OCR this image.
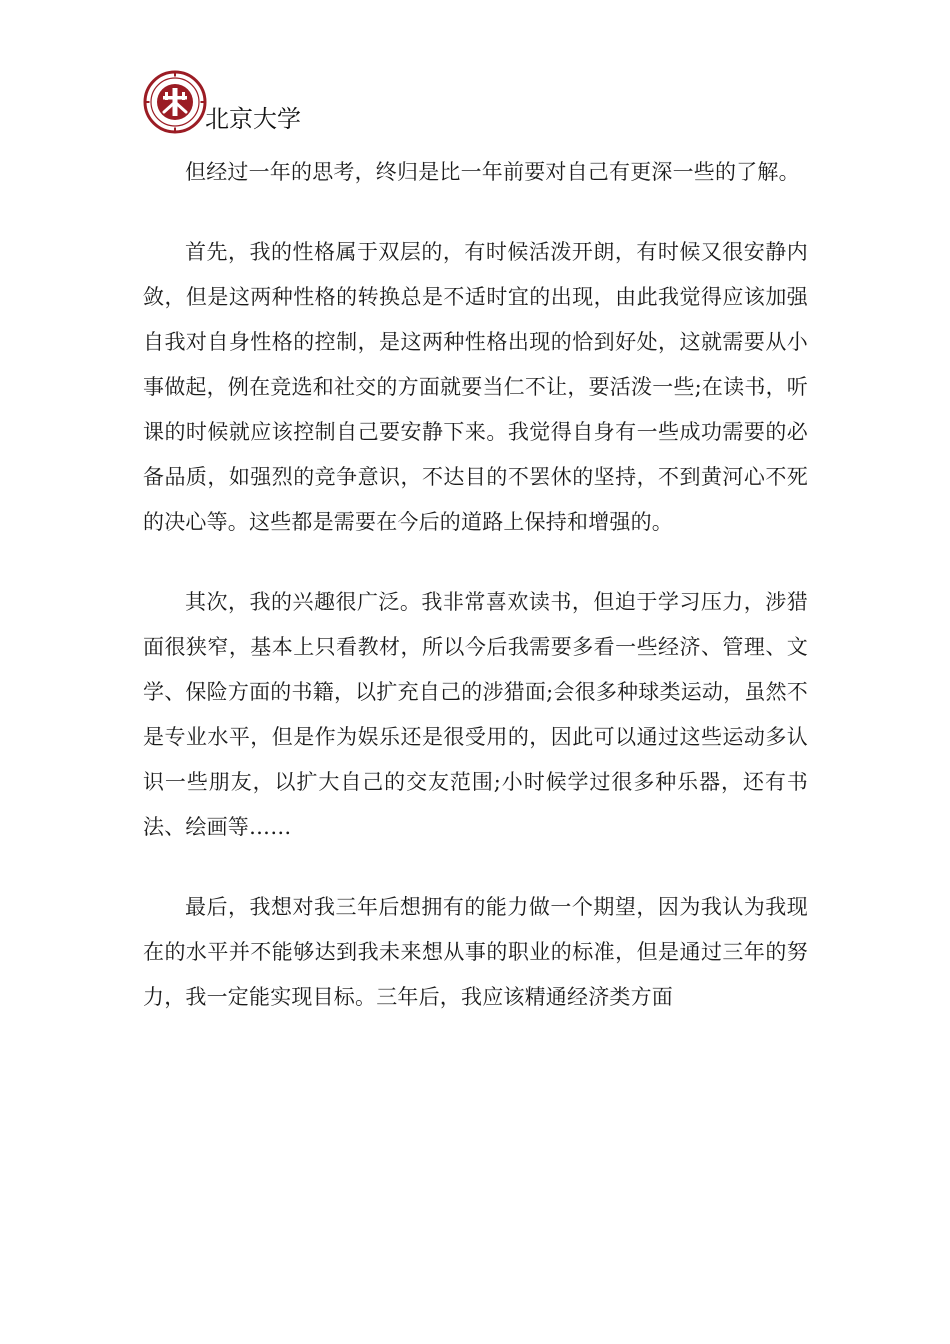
北京大学

但经过一年的思考，终归是比一年前要对自己有更深一些的了解。

首先，我的性格属于双层的，有时候活泼开朗，有时候又很安静内敛，但是这两种性格的转换总是不适时宜的出现，由此我觉得应该加强自我对自身性格的控制，是这两种性格出现的恰到好处，这就需要从小事做起，例在竞选和社交的方面就要当仁不让，要活泼一些;在读书，听课的时候就应该控制自己要安静下来。我觉得自身有一些成功需要的必备品质，如强烈的竞争意识，不达目的不罢休的坚持，不到黄河心不死的决心等。这些都是需要在今后的道路上保持和增强的。

其次，我的兴趣很广泛。我非常喜欢读书，但迫于学习压力，涉猎面很狭窄，基本上只看教材，所以今后我需要多看一些经济、管理、文学、保险方面的书籍，以扩充自己的涉猎面;会很多种球类运动，虽然不是专业水平，但是作为娱乐还是很受用的，因此可以通过这些运动多认识一些朋友，以扩大自己的交友范围;小时候学过很多种乐器，还有书法、绘画等……

最后，我想对我三年后想拥有的能力做一个期望，因为我认为我现在的水平并不能够达到我未来想从事的职业的标准，但是通过三年的努力，我一定能实现目标。三年后，我应该精通经济类方面
